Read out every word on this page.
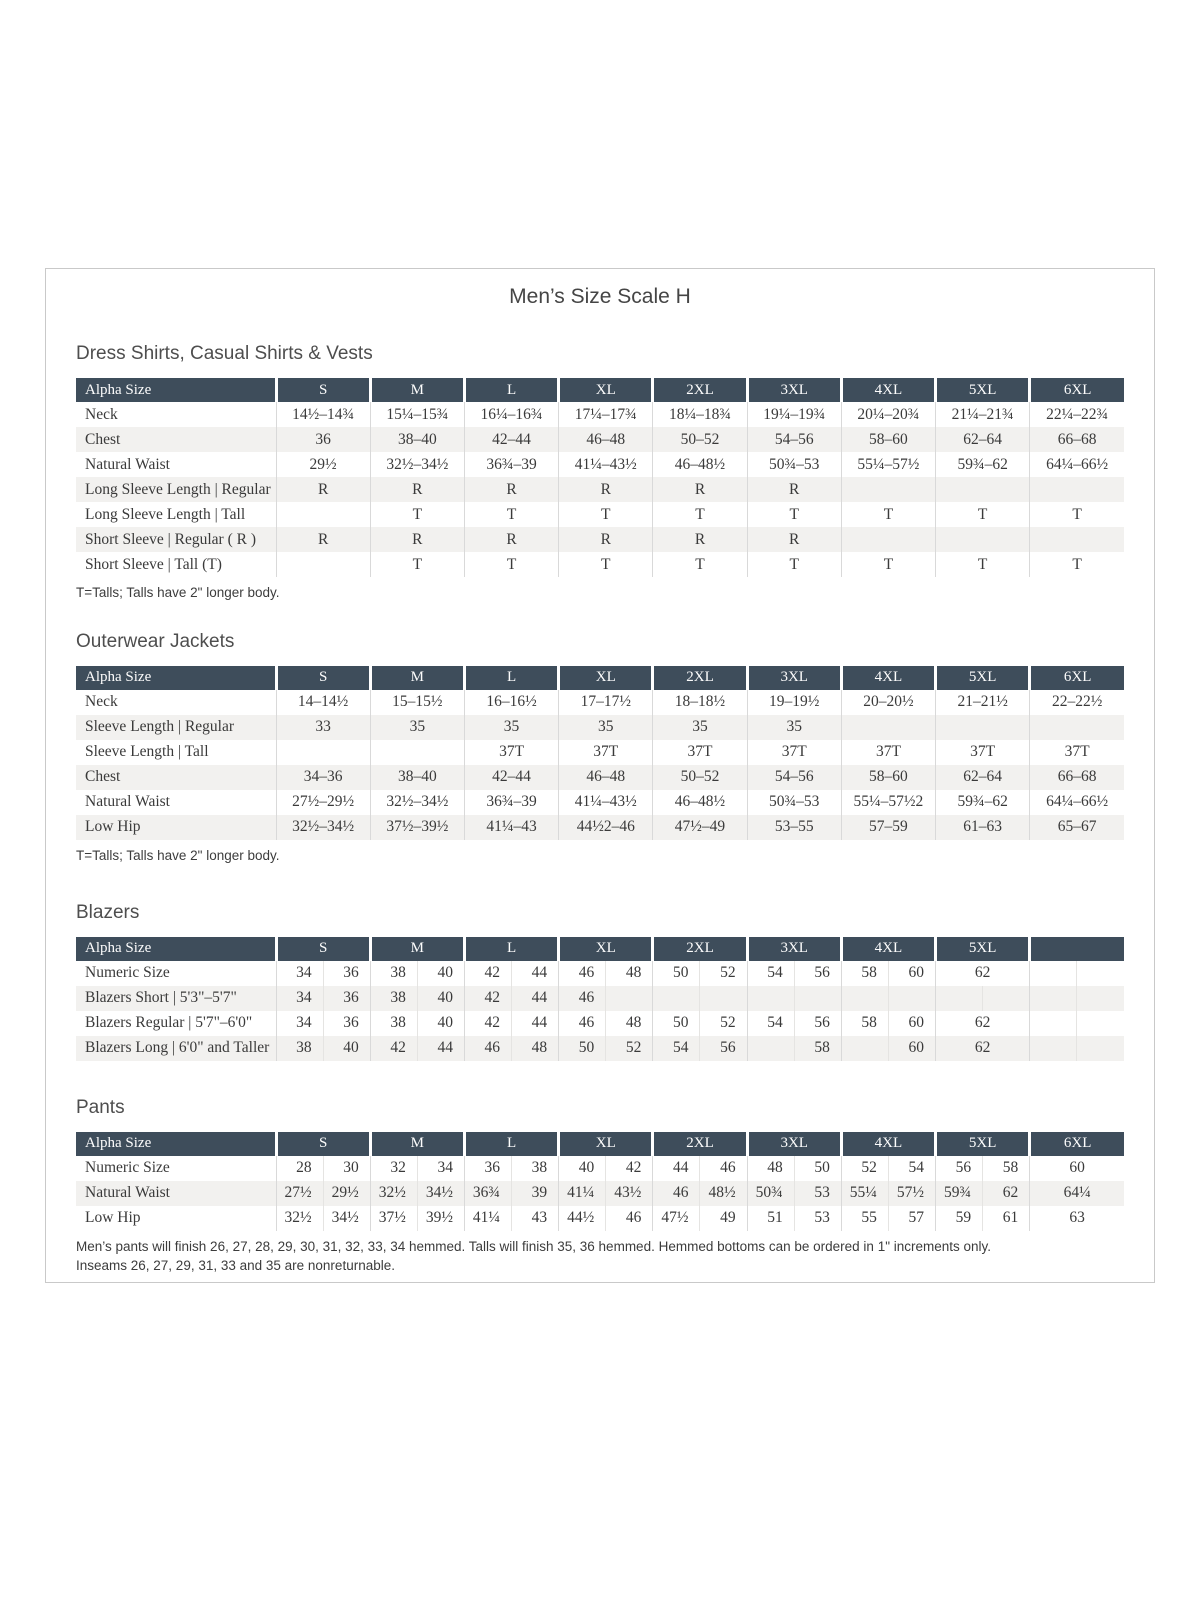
Men’s Size Scale H
Dress Shirts, Casual Shirts & Vests
Alpha Size	S	M	L	XL	2XL	3XL	4XL	5XL	6XL
Neck	14½–14¾	15¼–15¾	16¼–16¾	17¼–17¾	18¼–18¾	19¼–19¾	20¼–20¾	21¼–21¾	22¼–22¾
Chest	36	38–40	42–44	46–48	50–52	54–56	58–60	62–64	66–68
Natural Waist	29½	32½–34½	36¾–39	41¼–43½	46–48½	50¾–53	55¼–57½	59¾–62	64¼–66½
Long Sleeve Length | Regular	R	R	R	R	R	R			
Long Sleeve Length | Tall		T	T	T	T	T	T	T	T
Short Sleeve | Regular ( R )	R	R	R	R	R	R			
Short Sleeve | Tall (T)		T	T	T	T	T	T	T	T
T=Talls; Talls have 2" longer body.
Outerwear Jackets
Alpha Size	S	M	L	XL	2XL	3XL	4XL	5XL	6XL
Neck	14–14½	15–15½	16–16½	17–17½	18–18½	19–19½	20–20½	21–21½	22–22½
Sleeve Length | Regular	33	35	35	35	35	35			
Sleeve Length | Tall			37T	37T	37T	37T	37T	37T	37T
Chest	34–36	38–40	42–44	46–48	50–52	54–56	58–60	62–64	66–68
Natural Waist	27½–29½	32½–34½	36¾–39	41¼–43½	46–48½	50¾–53	55¼–57½2	59¾–62	64¼–66½
Low Hip	32½–34½	37½–39½	41¼–43	44½2–46	47½–49	53–55	57–59	61–63	65–67
T=Talls; Talls have 2" longer body.
Blazers
Alpha Size	S		M		L		XL		2XL		3XL		4XL		5XL			
Numeric Size	34	36	38	40	42	44	46	48	50	52	54	56	58	60	62			
Blazers Short | 5'3"–5'7"	34	36	38	40	42	44	46											
Blazers Regular | 5'7"–6'0"	34	36	38	40	42	44	46	48	50	52	54	56	58	60	62			
Blazers Long | 6'0" and Taller	38	40	42	44	46	48	50	52	54	56		58		60	62			
Pants
Alpha Size	S		M		L		XL		2XL		3XL		4XL		5XL		6XL
Numeric Size	28	30	32	34	36	38	40	42	44	46	48	50	52	54	56	58	60
Natural Waist	27½	29½	32½	34½	36¾	39	41¼	43½	46	48½	50¾	53	55¼	57½	59¾	62	64¼
Low Hip	32½	34½	37½	39½	41¼	43	44½	46	47½	49	51	53	55	57	59	61	63
Men’s pants will finish 26, 27, 28, 29, 30, 31, 32, 33, 34 hemmed. Talls will finish 35, 36 hemmed. Hemmed bottoms can be ordered in 1" increments only.
Inseams 26, 27, 29, 31, 33 and 35 are nonreturnable.
